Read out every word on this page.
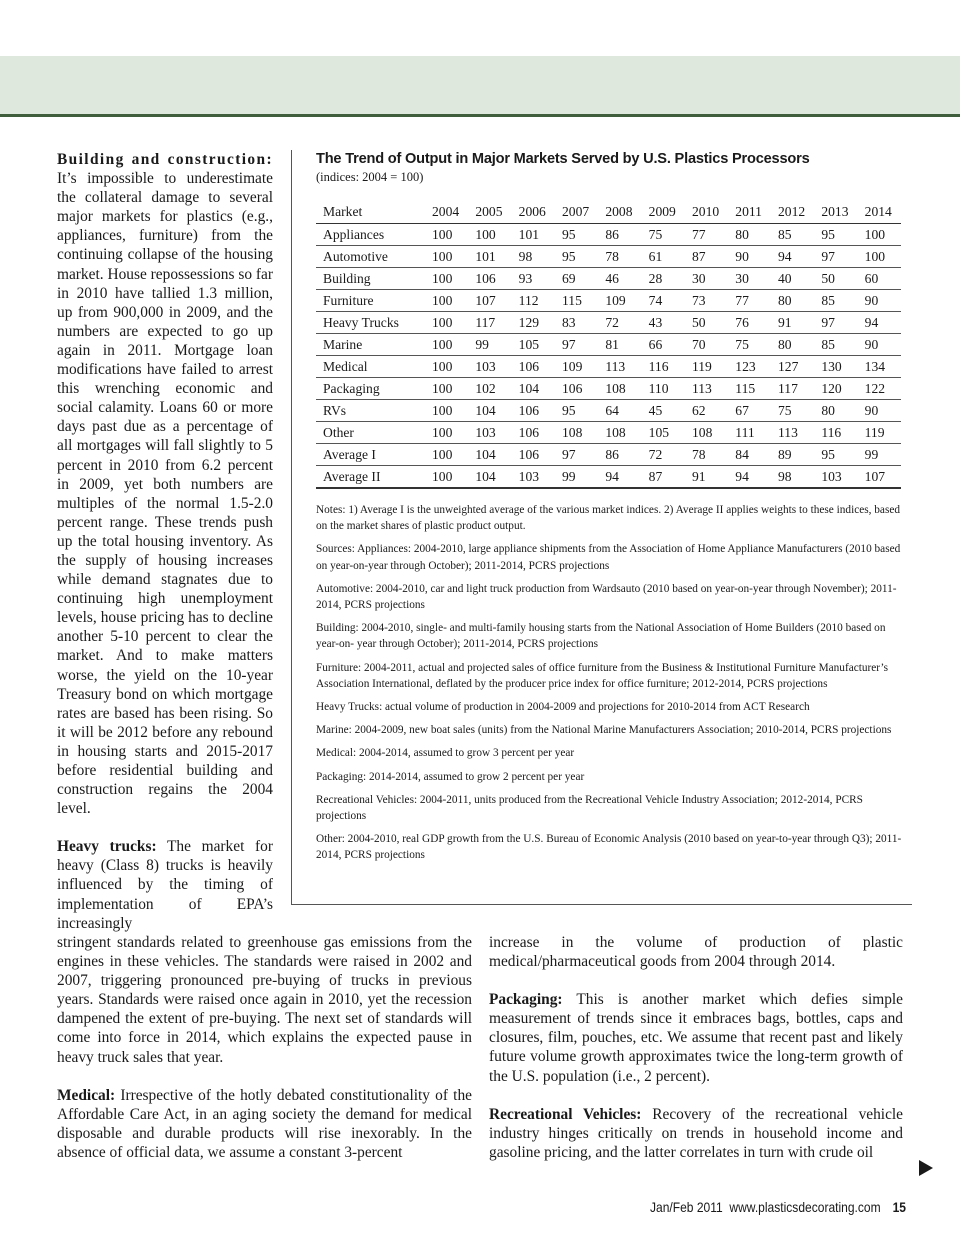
Building and construction: It’s impossible to underestimate the collateral damage to several major markets for plastics (e.g., appliances, furniture) from the continuing collapse of the housing market. House repossessions so far in 2010 have tallied 1.3 million, up from 900,000 in 2009, and the numbers are expected to go up again in 2011. Mortgage loan modifications have failed to arrest this wrenching economic and social calamity. Loans 60 or more days past due as a percentage of all mortgages will fall slightly to 5 percent in 2010 from 6.2 percent in 2009, yet both numbers are multiples of the normal 1.5-2.0 percent range. These trends push up the total housing inventory. As the supply of housing increases while demand stagnates due to continuing high unemployment levels, house pricing has to decline another 5-10 percent to clear the market. And to make matters worse, the yield on the 10-year Treasury bond on which mortgage rates are based has been rising. So it will be 2012 before any rebound in housing starts and 2015-2017 before residential building and construction regains the 2004 level.

Heavy trucks: The market for heavy (Class 8) trucks is heavily influenced by the timing of implementation of EPA’s increasingly

The Trend of Output in Major Markets Served by U.S. Plastics Processors
(indices: 2004 = 100)
Market	2004	2005	2006	2007	2008	2009	2010	2011	2012	2013	2014
Appliances	100	100	101	95	86	75	77	80	85	95	100
Automotive	100	101	98	95	78	61	87	90	94	97	100
Building	100	106	93	69	46	28	30	30	40	50	60
Furniture	100	107	112	115	109	74	73	77	80	85	90
Heavy Trucks	100	117	129	83	72	43	50	76	91	97	94
Marine	100	99	105	97	81	66	70	75	80	85	90
Medical	100	103	106	109	113	116	119	123	127	130	134
Packaging	100	102	104	106	108	110	113	115	117	120	122
RVs	100	104	106	95	64	45	62	67	75	80	90
Other	100	103	106	108	108	105	108	111	113	116	119
Average I	100	104	106	97	86	72	78	84	89	95	99
Average II	100	104	103	99	94	87	91	94	98	103	107

Notes: 1) Average I is the unweighted average of the various market indices. 2) Average II applies weights to these indices, based on the market shares of plastic product output.

Sources: Appliances: 2004-2010, large appliance shipments from the Association of Home Appliance Manufacturers (2010 based on year-on-year through October); 2011-2014, PCRS projections

Automotive: 2004-2010, car and light truck production from Wardsauto (2010 based on year-on-year through November); 2011-2014, PCRS projections

Building: 2004-2010, single- and multi-family housing starts from the National Association of Home Builders (2010 based on year-on- year through October); 2011-2014, PCRS projections

Furniture: 2004-2011, actual and projected sales of office furniture from the Business & Institutional Furniture Manufacturer’s Association International, deflated by the producer price index for office furniture; 2012-2014, PCRS projections

Heavy Trucks: actual volume of production in 2004-2009 and projections for 2010-2014 from ACT Research

Marine: 2004-2009, new boat sales (units) from the National Marine Manufacturers Association; 2010-2014, PCRS projections

Medical: 2004-2014, assumed to grow 3 percent per year

Packaging: 2014-2014, assumed to grow 2 percent per year

Recreational Vehicles: 2004-2011, units produced from the Recreational Vehicle Industry Association; 2012-2014, PCRS projections

Other: 2004-2010, real GDP growth from the U.S. Bureau of Economic Analysis (2010 based on year-to-year through Q3); 2011-2014, PCRS projections

stringent standards related to greenhouse gas emissions from the engines in these vehicles. The standards were raised in 2002 and 2007, triggering pronounced pre-buying of trucks in previous years. Standards were raised once again in 2010, yet the recession dampened the extent of pre-buying. The next set of standards will come into force in 2014, which explains the expected pause in heavy truck sales that year.

Medical: Irrespective of the hotly debated constitutionality of the Affordable Care Act, in an aging society the demand for medical disposable and durable products will rise inexorably. In the absence of official data, we assume a constant 3-percent

increase in the volume of production of plastic medical/pharmaceutical goods from 2004 through 2014.

Packaging: This is another market which defies simple measurement of trends since it embraces bags, bottles, caps and closures, film, pouches, etc. We assume that recent past and likely future volume growth approximates twice the long-term growth of the U.S. population (i.e., 2 percent).

Recreational Vehicles: Recovery of the recreational vehicle industry hinges critically on trends in household income and gasoline pricing, and the latter correlates in turn with crude oil

Jan/Feb 2011 www.plasticsdecorating.com 15
